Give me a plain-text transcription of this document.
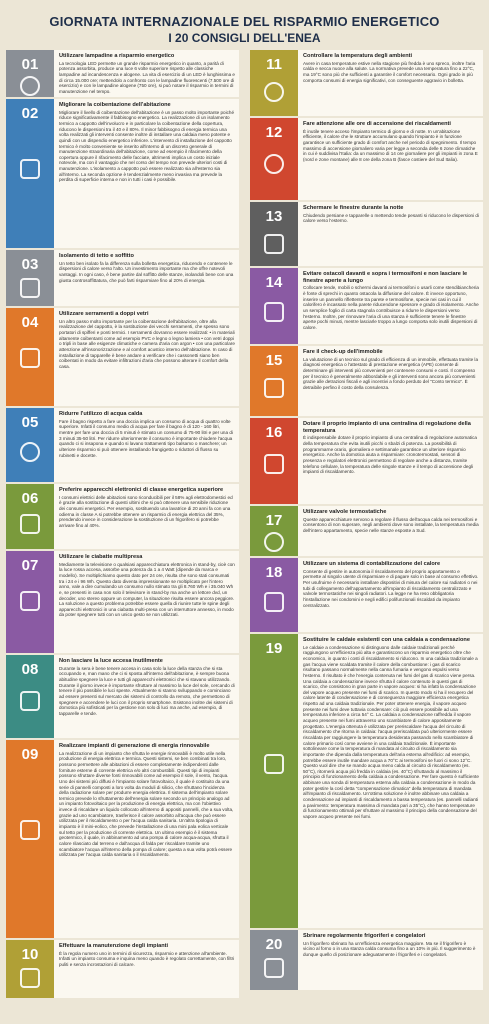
GIORNATA INTERNAZIONALE DEL RISPARMIO ENERGETICO
I 20 CONSIGLI DELL'ENEA
01	Utilizzare lampadine a risparmio energetico
La tecnologia LED permette un grande risparmio energetico in quanto, a parità di potenza assorbita, produce una luce 6 volte superiore rispetto alle classiche lampadine ad incandescenza e alogene. La vita di esercizio di un LED è lunghissima e di circa 15.000 ore; mettendolo a confronto con le lampadine fluorescenti (7.500 ore di esercizio) e con le lampadine alogene (750 ore), si può notare il risparmio in termini di manutenzione nel tempo.
02	Migliorare la coibentazione dell'abitazione
Migliorare il livello di coibentazione dell'abitazione è un passo molto importante poiché riduce significativamente il fabbisogno energetico. La realizzazione di un isolamento termico a cappotto dell'involucro e in particolare la coibentazione della copertura, riducono le dispersioni tra il 40 e il 80%. Il minor fabbisogno di energia termica una volta realizzati gli interventi consente inoltre di installare una caldaia meno potente e quindi con un dispendio energetico inferiore. L'intervento di installazione del cappotto termico è molto conveniente se inserito all'interno di un discreto generale di manutenzione straordinaria dell'abitazione, come ad esempio il rifacimento della copertura oppure il rifacimento delle facciate, altrimenti implica un costo iniziale notevole, ma con il vantaggio che nel corso del tempo non prevede ulteriori costi di manutenzione. L'isolamento a cappotto può essere realizzato sia all'esterno sia all'interno. La seconda opzione è tendenzialmente meno invasiva ma prevede la perdita di superficie interna e non in tutti i casi è possibile.
03	Isolamento di tetto e soffitto
Un tetto ben isolato fa la differenza sulla bolletta energetica, riducendo e contenere le dispersioni di calore verso l'alto. Un investimento importante ma che offre notevoli vantaggi. In ogni caso, è bene partire dal soffitto delle stanze, isolandoli bene con una giusta controsoffittatura, che può farti risparmiare fino al 20% di energia.
04	Utilizzare serramenti a doppi vetri
Un altro passo molto importante per la coibentazione dell'abitazione, oltre alla realizzazione del cappotto, è la sostituzione dei vecchi serramenti, che spesso sono portatori di spifferi e ponti termici. I serramenti dovranno essere realizzati: • in materiali altamente coibentanti come ad esempio PVC e legno o legno lamiera • con vetri doppi o tripli in base alle esigenze climatiche e camera d'aria con argon • con una particolare attenzione all'insonorizzazione e al comfort acustico interno dell'abitazione. In caso di installazione di tapparelle è bene andare a verificare che i cassonetti siano ben coibentati in modo da evitare infiltrazioni d'aria che possono alterare il comfort della casa.
05	Ridurre l'utilizzo di acqua calda
Fare il bagno rispetto a fare una doccia implica un consumo di acqua di quattro volte superiore. Infatti il consumo medio di acqua per fare il bagno è di 120 - 160 litri, mentre per fare una doccia di 5 minuti è stimato un consumo di 75-90 litri e per una di 3 minuti 35-50 litri. Per ridurre ulteriormente il consumo è importante chiudere l'acqua quando ci si insapona e quando si lavano trattamenti tipo balsamo o maschere; un ulteriore risparmio si può ottenere installando frangigetto o riduttori di flusso su rubinetti e docette.
06	Preferire apparecchi elettronici di classe energetica superiore
I consumi elettrici delle abitazioni sono riconducibili per il 58% agli elettrodomestici ed è grazie alla sostituzione di questi ultimi che si può ottenere una sensibile riduzione dei consumi energetici. Per esempio, sostituendo una lavatrice di 20 anni fa con una odierna in classe A si potrebbe ottenere un risparmio di energia elettrica del 35%, prendendo invece in considerazione la sostituzione di un frigorifero si potrebbe arrivare fino al 40%.
07	Utilizzare le ciabatte multipresa
Mediamente la televisione o qualsiasi apparecchiatura elettronica in stand-by, cioè con la luce rossa accesa, assorbe una potenza da 1 a 4 Watt (dipende da marca e modello). Se moltiplichiamo questo dato per 24 ore, risulta che sono stati consumati tra i 24 e i 96 Wh. Questo dato diventa impressionante se moltiplicato per l'intero anno, vale a dire cumulando un consumo nullo stimato tra gli 8.760 Wh e i 35.040 Wh e, se presenti in casa non solo il televisore in stand-by ma anche un lettore dvd, un decoder, uno stereo oppure un computer, la situazione risulta essere ancora peggiore. La soluzione a questo problema potrebbe essere quella di riunire tutte le spine degli apparecchi elettronici in una ciabatta multi-presa con un interruttore annesso, in modo da poter spegnere tutti con un unico gesto se non utilizzati.
08	Non lasciare la luce accesa inutilmente
Durante la sera è bene tenere accesa in casa solo la luce della stanza che si sta occupando e, man mano che ci si sposta all'interno dell'abitazione, è sempre buona abitudine spegnere la luce e tutti gli apparecchi elettronici che si stavano utilizzando. Durante il giorno invece è importante sfruttare al massimo la luce del sole, cercando di tenere il più possibile le luci spente. Attualmente si stanno sviluppando e cominciano ad essere presenti sul mercato dei sistemi di controllo da remoto, che permettono di spegnere e accendere le luci con il proprio smartphone. Esistono inoltre dei sistemi di domotica più sofisticati per la gestione non solo di luci ma anche, ad esempio, di tapparelle e tende.
09	Realizzare impianti di generazione di energia rinnovabile
La realizzazione di un impianto che sfrutta le energie rinnovabili è molto utile nella produzione di energia elettrica e termica. Questi sistemi, se ben combinati tra loro, possono permettere alle abitazioni di essere completamente indipendenti dalle forniture esterne di corrente elettrica e/o altri combustibili. Questi tipi di impianti possono sfruttare diverse fonti rinnovabili come ad esempio il sole, il vento, l'acqua. Uno dei sistemi più diffusi è l'impianto solare fotovoltaico, il quale è costituito da una serie di pannelli composti a loro volta da moduli di silicio, che sfruttano l'incidenza della radiazione solare per produrre energia elettrica. Il sistema dell'impianto solare termico prevede lo sfruttamento dell'energia solare secondo un principio analogo ad un impianto fotovoltaico per la produzione di energia elettrica, ma con l'obiettivo invece di riscaldare un liquido collocato all'interno di appositi pannelli, che a sua volta, grazie ad uno scambiatore, trasferisce il calore assorbito all'acqua che può essere utilizzata per il riscaldamento o per l'acqua calda sanitaria. Un'altra tipologia di impianto è il mini-eolico, che prevede l'installazione di una mini pala eolica verticale sul tetto per la produzione di corrente elettrica. Un ultimo esempio è il sistema geotermico, il quale, in abbinamento ad una pompa di calore acqua-acqua, sfrutta il calore rilasciato dal terreno e dall'acqua di falda per riscaldare tramite uno scambiatore l'acqua all'interno della pompa di calore; questa a sua volta potrà essere utilizzata per l'acqua calda sanitaria o il riscaldamento.
10	Effettuare la manutenzione degli impianti
È la regola numero uno in termini di sicurezza, risparmio e attenzione all'ambiente. Infatti un impianto consuma e inquina meno quando è regolato correttamente, con filtri puliti e senza incrostazioni di calcare.
11	Controllare la temperatura degli ambienti
Avere in casa temperature estive nella stagione più fredda è uno spreco, inoltre l'aria calda e secca nuoce alla salute. La normativa prevede una temperatura fino a 22°C, ma 19°C sono più che sufficienti a garantire il comfort necessario. Ogni grado in più comporta consumi di energia significativi, con conseguente aggravio in bolletta.
12	Fare attenzione alle ore di accensione dei riscaldamenti
È inutile tenere acceso l'impianto termico di giorno e di notte. In un'abitazione efficiente, il calore che le strutture accumulano quando l'impianto è in funzione garantisce un sufficiente grado di comfort anche nel periodo di spegnimento. Il tempo massimo di accensione giornaliero varia per legge a seconda delle 6 zone climatiche in cui è suddivisa l'Italia: da un massimo di 14 ore giornaliere per gli impianti in zona E (nord e zone montane) alle 8 ore della zona B (fasce costiere del Sud Italia).
13	Schermare le finestre durante la notte
Chiudendo persiane e tapparelle o mettendo tende pesanti si riducono le dispersioni di calore verso l'esterno.
14	Evitare ostacoli davanti e sopra i termosifoni e non lasciare le finestre aperte a lungo
Collocare tende, mobili o schermi davanti ai termosifoni o usarli come stendibiancheria è fonte di sprechi in quanto ostacola la diffusione del calore. È invece opportuno, inserire un pannello riflettente tra parete e termosifone, specie nei casi in cui il calorifero è incassato nella parete riducendone spessore e grado di isolamento. Anche un semplice foglio di carta stagnola contribuisce a ridurre le dispersioni verso l'esterno. Inoltre, per rinnovare l'aria di una stanza è sufficiente tenere le finestre aperte pochi minuti, mentre lasciarle troppo a lungo comporta solo inutili dispersioni di calore.
15	Fare il check-up dell'immobile
La valutazione di un tecnico sul grado di efficienza di un immobile, effettuata tramite la diagnosi energetica o l'attestato di prestazione energetica (APE) consente di determinare gli interventi più convenienti per contenere consumi e costi. Il compenso per il tecnico è generalmente abbordabile e gli interventi sono ancora più convenienti grazie alle detrazioni fiscali e agli incentivi a fondo perduto del "Conto termico". È detraibile perfino il costo della consulenza.
16	Dotare il proprio impianto di una centralina di regolazione della temperatura
È indispensabile dotare il proprio impianto di una centralina di regolazione automatica della temperatura che evita inutili picchi o sbalzi di potenza. La possibilità di programmarne orario, giornaliera e settimanale garantisce un ulteriore risparmio energetico. Anche la domotica aiuta a risparmiare: cronotermostati, sensori di presenza e regolatori elettronici permettono di regolare anche a distanza, tramite telefono cellulare, la temperatura delle singole stanze e il tempo di accensione degli impianti di riscaldamento.
17	Utilizzare valvole termostatiche
Queste apparecchiature servono a regolare il flusso dell'acqua calda nei termosifoni e consentono di non superare, negli ambienti dove sono installate, la temperatura media dell'intero appartamento, specie nelle stanze esposte a Sud.
18	Utilizzare un sistema di contabilizzazione del calore
Consente di gestire in autonomia il riscaldamento del proprio appartamento e permette al singolo utente di risparmiare e di pagare solo in base al consumo effettivo. Per usufruirne è necessario installare dispositivi di misura del calore sui radiatori o nei tubi di collegamento dell'appartamento all'impianto di riscaldamento centralizzato e valvole termostatiche nei singoli radiatori. La legge ne ha reso obbligatoria l'installazione nei condomini e negli edifici polifunzionali riscaldati da impianto centralizzato.
19	Sostituire le caldaie esistenti con una caldaia a condensazione
Le caldaie a condensazione si distinguono dalle caldaie tradizionali perché raggiungono un'efficienza più alta e garantiscono un risparmio energetico oltre che economico, in quanto i costi di riscaldamento si riducono. In una caldaia tradizionale a gas l'acqua viene scaldata tramite il calore della combustione: i gas di scarico risultano passano normalmente nella canna fumaria e vengono espulsi verso l'esterno. Il risultato è che l'energia contenuta nei fumi del gas di scarico viene persa. Una caldaia a condensazione invece sfrutta il calore contenuto in questi gas di scarico, che consistono in gran parte in vapore acqueo: si ha infatti la condensazione del vapore acqueo presente nei fumi di scarico. In questo modo si ha il recupero del calore latente di condensazione e di conseguenza maggiore efficienza energetica rispetto ad una caldaia tradizionale. Per poter ottenere energia, il vapore acqueo presente nei fumi deve tuttavia condensare: ciò può essere possibile ad una temperatura inferiore a circa 54° C. La caldaia a condensazione raffredda il vapore acqueo presente nei fumi attraverso uno scambiatore di calore appositamente progettato. L'energia ottenuta è utilizzata per preriscaldare l'acqua del circuito di riscaldamento che ritorna in caldaia: l'acqua preriscaldata può ulteriormente essere riscaldata per raggiungere la temperatura desiderata passando nello scambiatore di calore primario così come avviene in una caldaia tradizionale. È importante sottolineare come la temperatura di mandata al circuito di riscaldamento sia importante che dipenda dalla temperatura dell'aria esterna all'edificio: ad esempio, potrebbe essere inutile mandare acqua a 70°C ai termosifoni se fuori ci sono 12°C. Questo vuol dire che se mando acqua meno calda al circuito di riscaldamento (es. 50°C), ritornerà acqua più fredda in caldaia (es. 40°C) sfruttando al massimo il principio di funzionamento della caldaia a condensazione. Per fare questo è sufficiente abbinare una sonda di temperatura esterna alla caldaia a condensazione in modo da poter gestire la così detta "compensazione climatica" della temperatura di mandata all'impianto di riscaldamento. Un'ottima soluzione è inoltre abbinare una caldaia a condensazione ad impianti di riscaldamento a bassa temperatura (es. pannelli radianti a pavimento: temperatura massima di mandata pari a 35°C), che hanno temperature di funzionamento ottimali per sfruttare al massimo il principio della condensazione del vapore acqueo presente nei fumi.
20	Sbrinare regolarmente frigoriferi e congelatori
Un frigorifero sbrinato ha un'efficienza energetica maggiore. Ma se il frigorifero è vicino al forno o in una stanza calda consuma fino a un 10% in più. Il suggerimento è dunque quello di posizionare adeguatamente i frigoriferi e i congelatori.
